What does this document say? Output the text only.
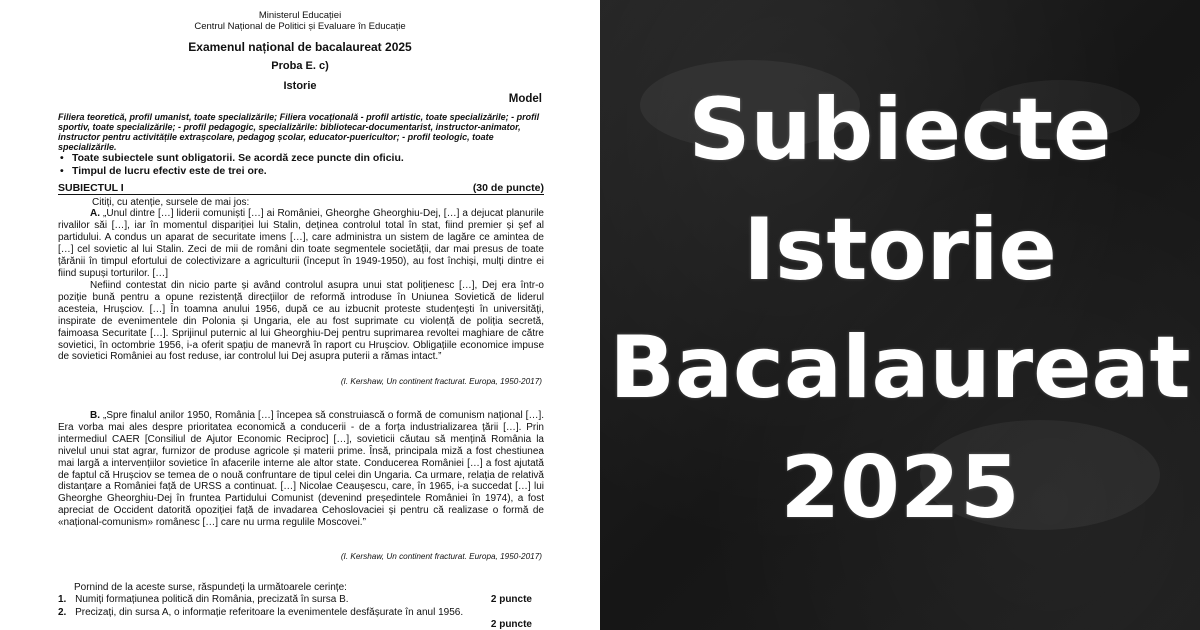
Ministerul Educației
Centrul Național de Politici și Evaluare în Educație
Examenul național de bacalaureat 2025
Proba E. c)
Istorie
Model
Filiera teoretică, profil umanist, toate specializările; Filiera vocațională - profil artistic, toate specializările; - profil sportiv, toate specializările; - profil pedagogic, specializările: bibliotecar-documentarist, instructor-animator, instructor pentru activitățile extrașcolare, pedagog școlar, educator-puericultor; - profil teologic, toate specializările.
• Toate subiectele sunt obligatorii. Se acordă zece puncte din oficiu.
• Timpul de lucru efectiv este de trei ore.
SUBIECTUL I	(30 de puncte)
Citiți, cu atenție, sursele de mai jos:
A. „Unul dintre […] liderii comuniști […] ai României, Gheorghe Gheorghiu-Dej, […] a dejucat planurile rivalilor săi […], iar în momentul dispariției lui Stalin, deținea controlul total în stat, fiind premier și șef al partidului. A condus un aparat de securitate imens […], care administra un sistem de lagăre ce amintea de […] cel sovietic al lui Stalin. Zeci de mii de români din toate segmentele societății, dar mai presus de toate țărănii în timpul efortului de colectivizare a agriculturii (început în 1949-1950), au fost închiși, mulți dintre ei fiind supuși torturilor. […]
Nefiind contestat din nicio parte și având controlul asupra unui stat polițienesc […], Dej era într-o poziție bună pentru a opune rezistență direcțiilor de reformă introduse în Uniunea Sovietică de liderul acesteia, Hrușciov. […] În toamna anului 1956, după ce au izbucnit proteste studențești în universități, inspirate de evenimentele din Polonia și Ungaria, ele au fost suprimate cu violență de poliția secretă, faimoasa Securitate […]. Sprijinul puternic al lui Gheorghiu-Dej pentru suprimarea revoltei maghiare de către sovietici, în octombrie 1956, i-a oferit spațiu de manevră în raport cu Hrușciov. Obligațiile economice impuse de sovietici României au fost reduse, iar controlul lui Dej asupra puterii a rămas intact.”
(I. Kershaw, Un continent fracturat. Europa, 1950-2017)
B. „Spre finalul anilor 1950, România […] începea să construiască o formă de comunism național […]. Era vorba mai ales despre prioritatea economică a conducerii - de a forța industrializarea țării […]. Prin intermediul CAER [Consiliul de Ajutor Economic Reciproc] […], sovieticii căutau să mențină România la nivelul unui stat agrar, furnizor de produse agricole și materii prime. Însă, principala miză a fost chestiunea mai largă a intervențiilor sovietice în afacerile interne ale altor state. Conducerea României […] a fost ajutată de faptul că Hrușciov se temea de o nouă confruntare de tipul celei din Ungaria. Ca urmare, relația de relativă distanțare a României față de URSS a continuat. […] Nicolae Ceaușescu, care, în 1965, i-a succedat […] lui Gheorghe Gheorghiu-Dej în fruntea Partidului Comunist (devenind președintele României în 1974), a fost apreciat de Occident datorită opoziției față de invadarea Cehoslovaciei și pentru că realizase o formă de «național-comunism» românesc […] care nu urma regulile Moscovei.”
(I. Kershaw, Un continent fracturat. Europa, 1950-2017)
Pornind de la aceste surse, răspundeți la următoarele cerințe:
1. Numiți formațiunea politică din România, precizată în sursa B.	2 puncte
2. Precizați, din sursa A, o informație referitoare la evenimentele desfășurate în anul 1956.
2 puncte
Subiecte
Istorie
Bacalaureat
2025
